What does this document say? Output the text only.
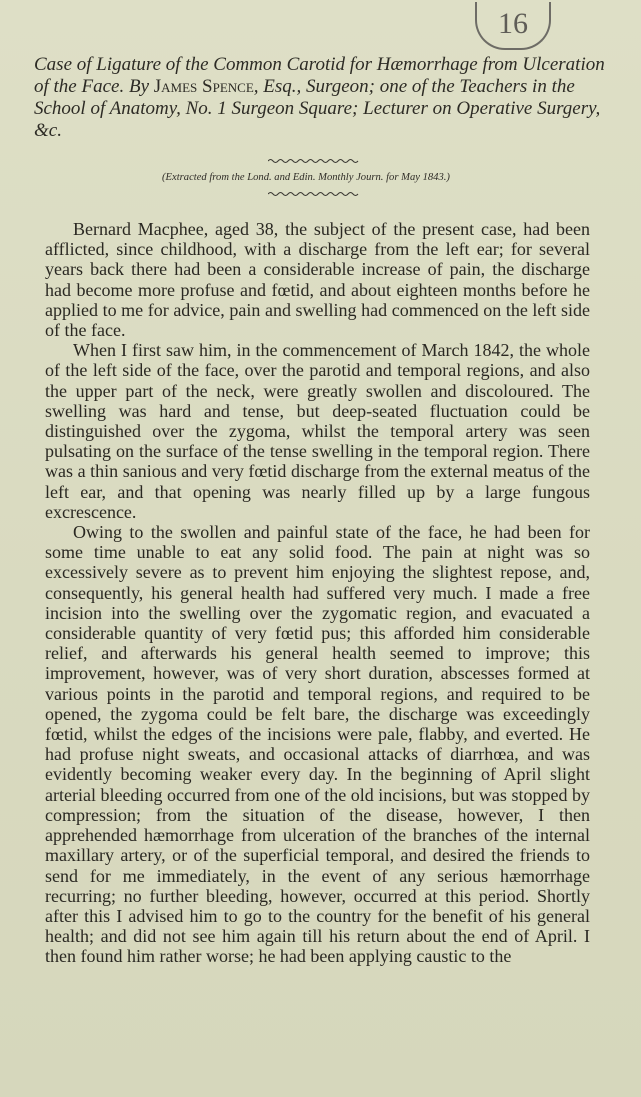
16
Case of Ligature of the Common Carotid for Hæmorrhage from Ulceration of the Face. By James Spence, Esq., Surgeon; one of the Teachers in the School of Anatomy, No. 1 Surgeon Square; Lecturer on Operative Surgery, &c.
(Extracted from the Lond. and Edin. Monthly Journ. for May 1843.)

Bernard Macphee, aged 38, the subject of the present case, had been afflicted, since childhood, with a discharge from the left ear; for several years back there had been a considerable increase of pain, the discharge had become more profuse and fœtid, and about eighteen months before he applied to me for advice, pain and swelling had commenced on the left side of the face.

When I first saw him, in the commencement of March 1842, the whole of the left side of the face, over the parotid and temporal regions, and also the upper part of the neck, were greatly swollen and discoloured. The swelling was hard and tense, but deep-seated fluctuation could be distinguished over the zygoma, whilst the temporal artery was seen pulsating on the surface of the tense swelling in the temporal region. There was a thin sanious and very fœtid discharge from the external meatus of the left ear, and that opening was nearly filled up by a large fungous excrescence.

Owing to the swollen and painful state of the face, he had been for some time unable to eat any solid food. The pain at night was so excessively severe as to prevent him enjoying the slightest repose, and, consequently, his general health had suffered very much. I made a free incision into the swelling over the zygomatic region, and evacuated a considerable quantity of very fœtid pus; this afforded him considerable relief, and afterwards his general health seemed to improve; this improvement, however, was of very short duration, abscesses formed at various points in the parotid and temporal regions, and required to be opened, the zygoma could be felt bare, the discharge was exceedingly fœtid, whilst the edges of the incisions were pale, flabby, and everted. He had profuse night sweats, and occasional attacks of diarrhœa, and was evidently becoming weaker every day. In the beginning of April slight arterial bleeding occurred from one of the old incisions, but was stopped by compression; from the situation of the disease, however, I then apprehended hæmorrhage from ulceration of the branches of the internal maxillary artery, or of the superficial temporal, and desired the friends to send for me immediately, in the event of any serious hæmorrhage recurring; no further bleeding, however, occurred at this period. Shortly after this I advised him to go to the country for the benefit of his general health; and did not see him again till his return about the end of April. I then found him rather worse; he had been applying caustic to the
